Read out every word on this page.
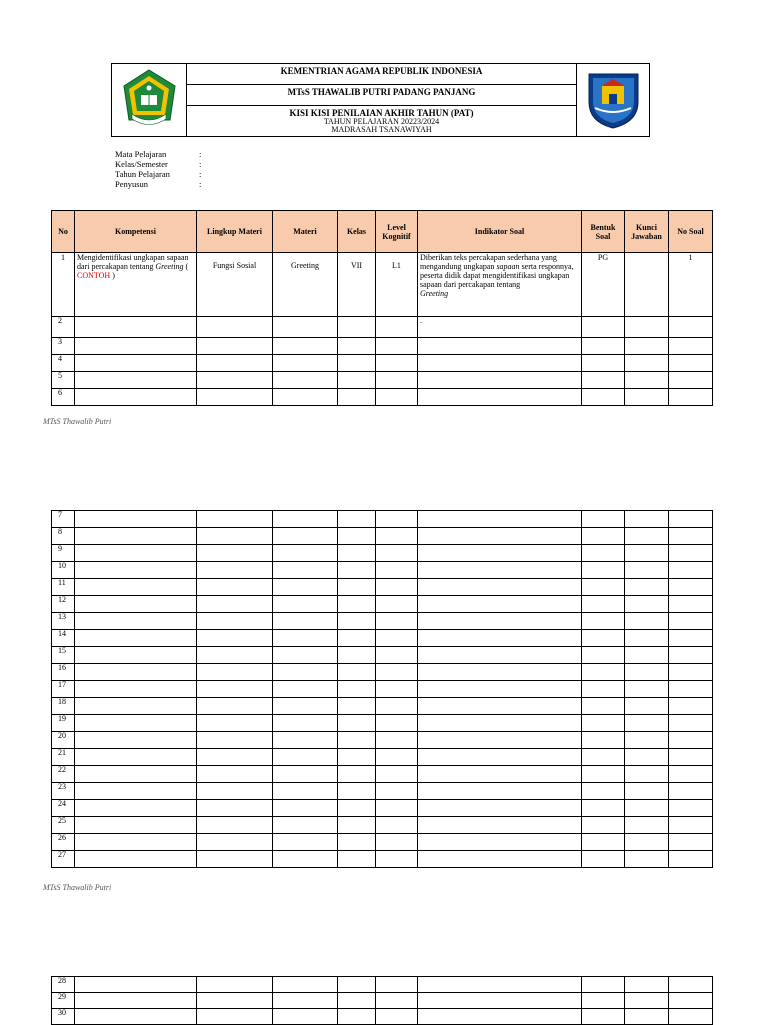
KEMENTRIAN AGAMA REPUBLIK INDONESIA
MTsS THAWALIB PUTRI PADANG PANJANG
KISI KISI PENILAIAN AKHIR TAHUN (PAT)
TAHUN PELAJARAN 20223/2024
MADRASAH TSANAWIYAH
Mata Pelajaran	:
Kelas/Semester	:
Tahun Pelajaran	:
Penyusun	:
No	Kompetensi	Lingkup Materi	Materi	Kelas	Level Kognitif	Indikator Soal	Bentuk Soal	Kunci Jawaban	No Soal
1	Mengidentifikasi ungkapan sapaan dari percakapan tentang Greeting ( CONTOH )	Fungsi Sosial	Greeting	VII	L1	Diberikan teks percakapan sederhana yang mengandung ungkapan sapaan serta responnya, peserta didik dapat mengidentifikasi ungkapan sapaan dari percakapan tentang
Greeting	PG		1
2						.			
3									
4									
5									
6									
MTsS Thawalib Putri
7									
8									
9									
10									
11									
12									
13									
14									
15									
16									
17									
18									
19									
20									
21									
22									
23									
24									
25									
26									
27									
MTsS Thawalib Putri
28									
29									
30									
